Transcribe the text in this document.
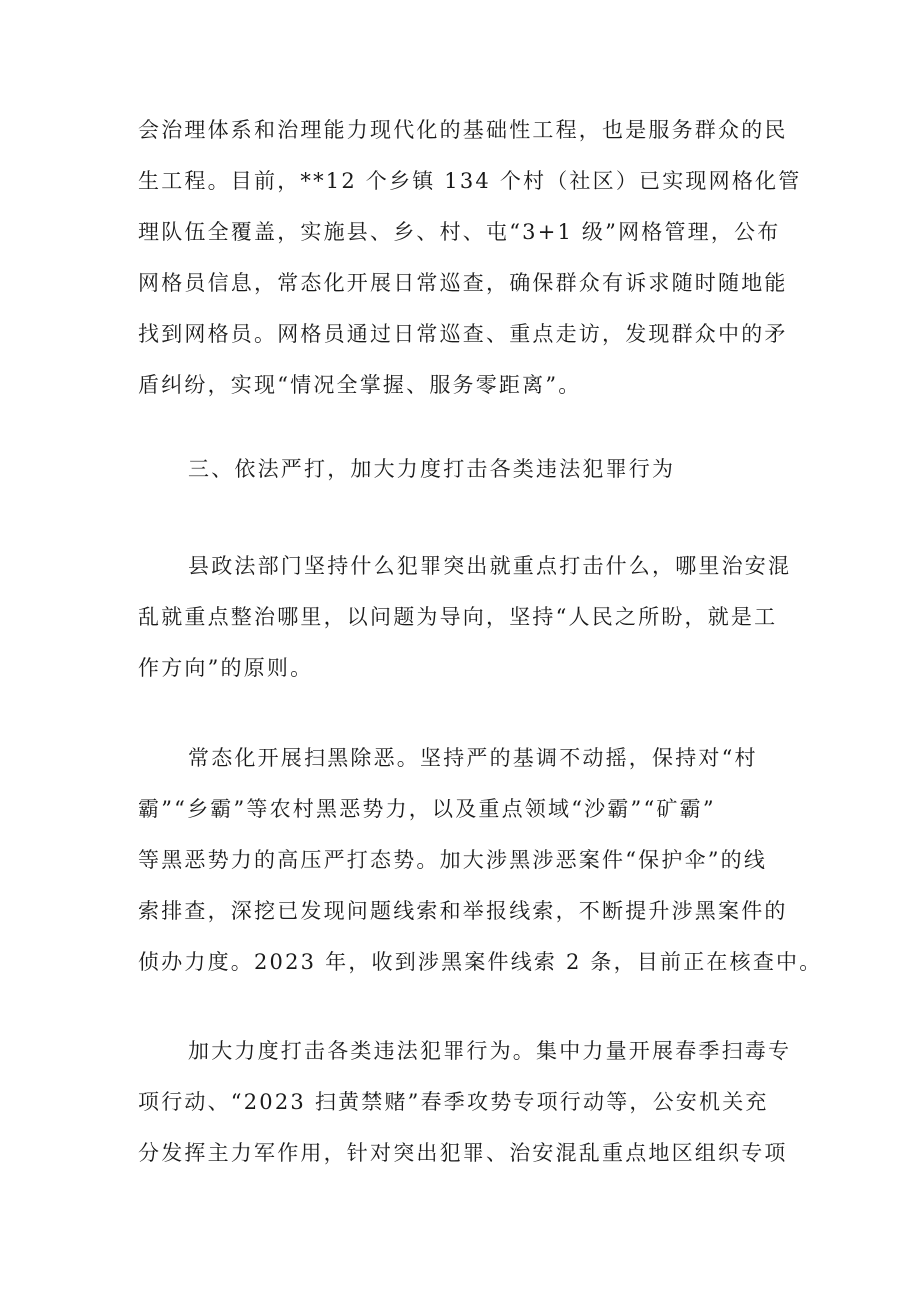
会治理体系和治理能力现代化的基础性工程，也是服务群众的民
生工程。目前，**12 个乡镇 134 个村（社区）已实现网格化管
理队伍全覆盖，实施县、乡、村、屯“3+1 级”网格管理，公布
网格员信息，常态化开展日常巡查，确保群众有诉求随时随地能
找到网格员。网格员通过日常巡查、重点走访，发现群众中的矛
盾纠纷，实现“情况全掌握、服务零距离”。
三、依法严打，加大力度打击各类违法犯罪行为
县政法部门坚持什么犯罪突出就重点打击什么，哪里治安混
乱就重点整治哪里，以问题为导向，坚持“人民之所盼，就是工
作方向”的原则。
常态化开展扫黑除恶。坚持严的基调不动摇，保持对“村
霸”“乡霸”等农村黑恶势力，以及重点领域“沙霸”“矿霸”
等黑恶势力的高压严打态势。加大涉黑涉恶案件“保护伞”的线
索排查，深挖已发现问题线索和举报线索，不断提升涉黑案件的
侦办力度。2023 年，收到涉黑案件线索 2 条，目前正在核查中。
加大力度打击各类违法犯罪行为。集中力量开展春季扫毒专
项行动、“2023 扫黄禁赌”春季攻势专项行动等，公安机关充
分发挥主力军作用，针对突出犯罪、治安混乱重点地区组织专项
